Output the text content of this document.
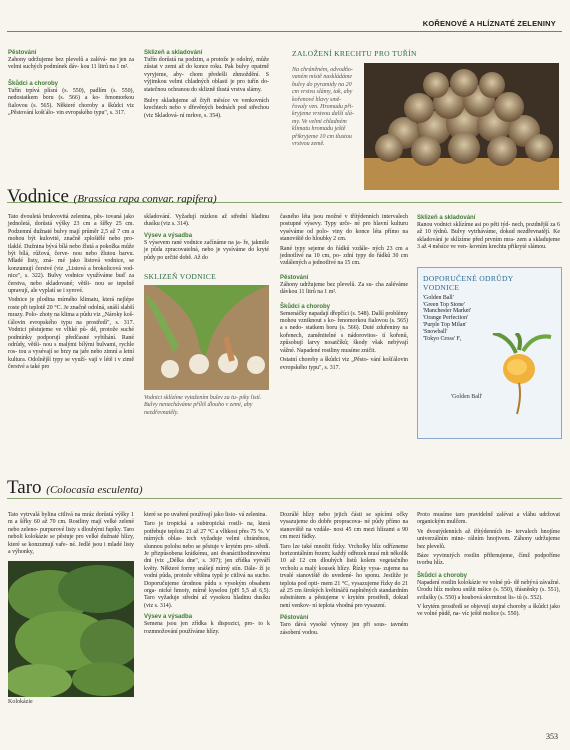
KOŘENOVÉ A HLÍZNATÉ ZELENINY
Pěstování
Zahony udržujeme bez plevelů a zalévá- me jen za velmi suchých podmínek dáv- kou 11 litrů na 1 m².
Škůdci a choroby
Tuřín trpívá plísní (s. 550), padlím (s. 550), nedostatkem boru (s. 566) a ko- řenomorkou fialovou (s. 565). Některé choroby a škůdci viz „Pěstování košťálo- vin evropského typu", s. 317.
Sklizeň a skladování
Tuřín dorůstá na podzim, a protože je odolný, může zůstat v zemi až do konce roku. Pak bulvy opatrně vyryjeme, aby- chom předešli zhmoždění. S výjimkou velmi chladných oblastí je pro tuřín do- statečnou ochranou do sklizně tlustá vrstva slámy.
Bulvy skladujeme až čtyři měsíce ve venkovních krechtech nebo v dřevěných bednách pod střechou (viz Skladová- ní mrkve, s. 354).
ZALOŽENÍ KRECHTU PRO TUŘÍN
Na chráněném, odvodňo- vaném místě naskládáme bulvy do pyramidy na 20 cm vrstvu slámy, tak, aby kořenové hlavy smě- řovaly ven. Hromadu při- kryjeme vrstvou další slá- my. Ve velmi chladném klimatu hromadu ještě přikryjeme 10 cm tlustou vrstvou země.
Vodnice (Brassica rapa convar. rapifera)
Tato dvouletá brukvovitá zelenina, pěs- tovaná jako jednoletá, dorůstá výšky 23 cm a šířky 25 cm. Podzemní dužnaté bulvy mají průměr 2,5 až 7 cm a mohou být kulovité, značně zploštělé nebo pro- tlaklé. Dužnina bývá bílá nebo žlutá a pokožka může být bílá, růžová, červe- nou nebo žlutou barvu. Mladé listy, zná- mé jako listová vodnice, se konzumují čerstvé (viz „Listová a brokolicová vod- nice", s. 322). Bulvy vodnice využíváme buď za čerstva, nebo skladované; větši- nou se tepelně upravují, ale vyplatí se i syrové.
Vodnice je plodina mírného klimatu, která nejlépe roste při teplotě 20 °C. Je značně odolná, snáší slabší mrazy. Polo- zhoty na klima a půdu viz „Nároky koš- ťálovin evropského typu na prostředí", s. 317. Vodnici pěstujeme ve vlhké pů- dě, protože suché podmínky podporují předčasné vybíhání. Rané odrůdy, větši- nou s malými bílými bulvami, rychle ros- tou a vysévají se brzy na jaře nebo zimní a letní kultura. Odolnější typy se využí- vají v létě i v zimě čerstvé a také pro
skladování. Vyžadují núzkou až střední hladinu dusíku (viz s. 314).
Výsev a výsadba
S výsevem rané vodnice začínáme na ja- ře, jakmile je půda zpracovatelná, nebo je vysíváme do kryté půdy po určité době. Až do
SKLIZEŇ VODNICE
Vodnici sklízíme vytažením bulev za tu- piky listí. Bulvy nenecháváme příliš dlouho v zemi, aby nezdřevnatěly.
časného léta jsou možné v třítýdenních intervalech postupné výsevy. Typy urče- né pro hlavní kulturu vyséváme od polo- viny do konce léta přímo na stanoviště do hloubky 2 cm.
Rané typy sejeme do řádků vzdále- ných 23 cm a jednotlivé na 10 cm, po- zdní typy do řádků 30 cm vzdálených a jednotlivé na 15 cm.
Pěstování
Záhony udržujeme bez plevelů. Za su- cha zaléváme dávkou 11 litrů na 1 m².
Škůdci a choroby
Semenáčky napadají dřepčíci (s. 548). Další problémy mohou vzniknout s ko- řenomorkou fialovou (s. 565) a s nedo- statkem boru (s. 566). Duté zduřeniny na kořenech, zaměnitelné s nádorovitos- tí kořenů, způsobují larvy nosatčíků; škody však nebývají vážné. Napadené rostliny musíme zničit.
Ostatní choroby a škůdci viz „Pěsto- vání košťálovin evropského typu", s. 317.
Sklizeň a skladování
Ranou vodnici sklízíme asi po pěti týd- nech, pozdnější za 6 až 10 týdnů. Bulvy vytrháváme, dokud nezdřevnatějí. Ke skladování je sklízíme před prvním mra- zem a skladujeme 3 až 4 měsíce ve ven- kovním krechtu přikryté slámou.
DOPORUČENÉ ODRŮDY
VODNICE
'Golden Ball'
'Green Top Stone'
'Manchester Market'
'Orange Perfection'
'Purple Top Milan'
'Snowball'
'Tokyo Cross' F₁
'Golden Ball'
Taro (Colocasia esculenta)
Tato vytrvalá bylina citlivá na mráz dorůstá výšky 1 m a šířky 60 až 70 cm. Rostliny mají velké zelené nebo zeleno- purpurové listy s dlouhými řapíky. Taro neboli kolokázie se pěstuje pro velké dužnaté hlízy, které se konzumují vaře- né. Jedlé jsou i mladé listy a výhonky,
Kolokázie
které se po uvaření používají jako listo- vá zelenina.
Taro je tropická a subtropická rostli- na, která potřebuje teplotu 21 až 27 °C a vlhkost přes 75 %. V mírných oblas- tech vyžaduje velmi chráněnou, slunnou polohu nebo se pěstuje v krytém pro- středí. Je přizpůsobena krátkému, ani dvanáctihodinovému dni (viz „Délka dne", s. 307); jen zřídka vytváří květy. Některé formy snášejí mírný stín. Dále- ží je vodní půda, protože většina typů je citlivá na sucho. Doporučujeme úrodnou půdu s vysokým obsahem orga- nické hmoty, mírně kyselou (pH 5,5 až 6,5). Taro vyžaduje střední až vysokou hladinu dusíku (viz s. 314).
Výsev a výsadba
Semena jsou jen zřídka k dispozici, pro- to k rozmnožování používáme hlízy.
Dozrálé hlízy nebo jejich části se spícími očky vysazujeme do dobře propracova- né půdy přímo na stanoviště na vzdále- nost 45 cm mezi hlízami a 90 cm mezi řádky.
Taro lze také množit řízky. Vrcholky hlíz odřízneme horizontálním řezem; každý odřezek musí mít několik 10 až 12 cm dlouhých listů kolem vegetačního vrcholu a malý kousek hlízy. Řízky vysa- zujeme na trvalé stanoviště do uvedené- ho sponu. Jestliže je teplota pod opti- mem 21 °C, vysazujeme řízky do 21 až 25 cm širokých květináčů naplněných standardním substrátem a pěstujeme v krytém prostředí, dokud není venkov- ní teplota vhodná pro vysazení.
Pěstování
Taro dává vysoké výnosy jen při sous- tavném zásobení vodou.
Proto musíme taro pravidelně zalévat a vláhu udržovat organickým mulčem.
Ve dvoutýdenních až třítýdenních in- tervalech hnojíme univerzálním mine- rálním hnojivem. Záhony udržujeme bez plevelů.
Báze vyvinutých rostlin přihrnujeme, čímž podpoříme tvorbu hlíz.
Škůdci a choroby
Napadení rostlin kolokázie ve volné pů- dě nebývá závažné. Úrodu hlíz mohou snížit mšice (s. 550), třásněnky (s. 551), svilušky (s. 550) a houbová skvrnitost lis- tů (s. 552).
V krytém prostředí se objevují stejné choroby a škůdci jako ve volné půdě, na- víc ještě molice (s. 550).
353
